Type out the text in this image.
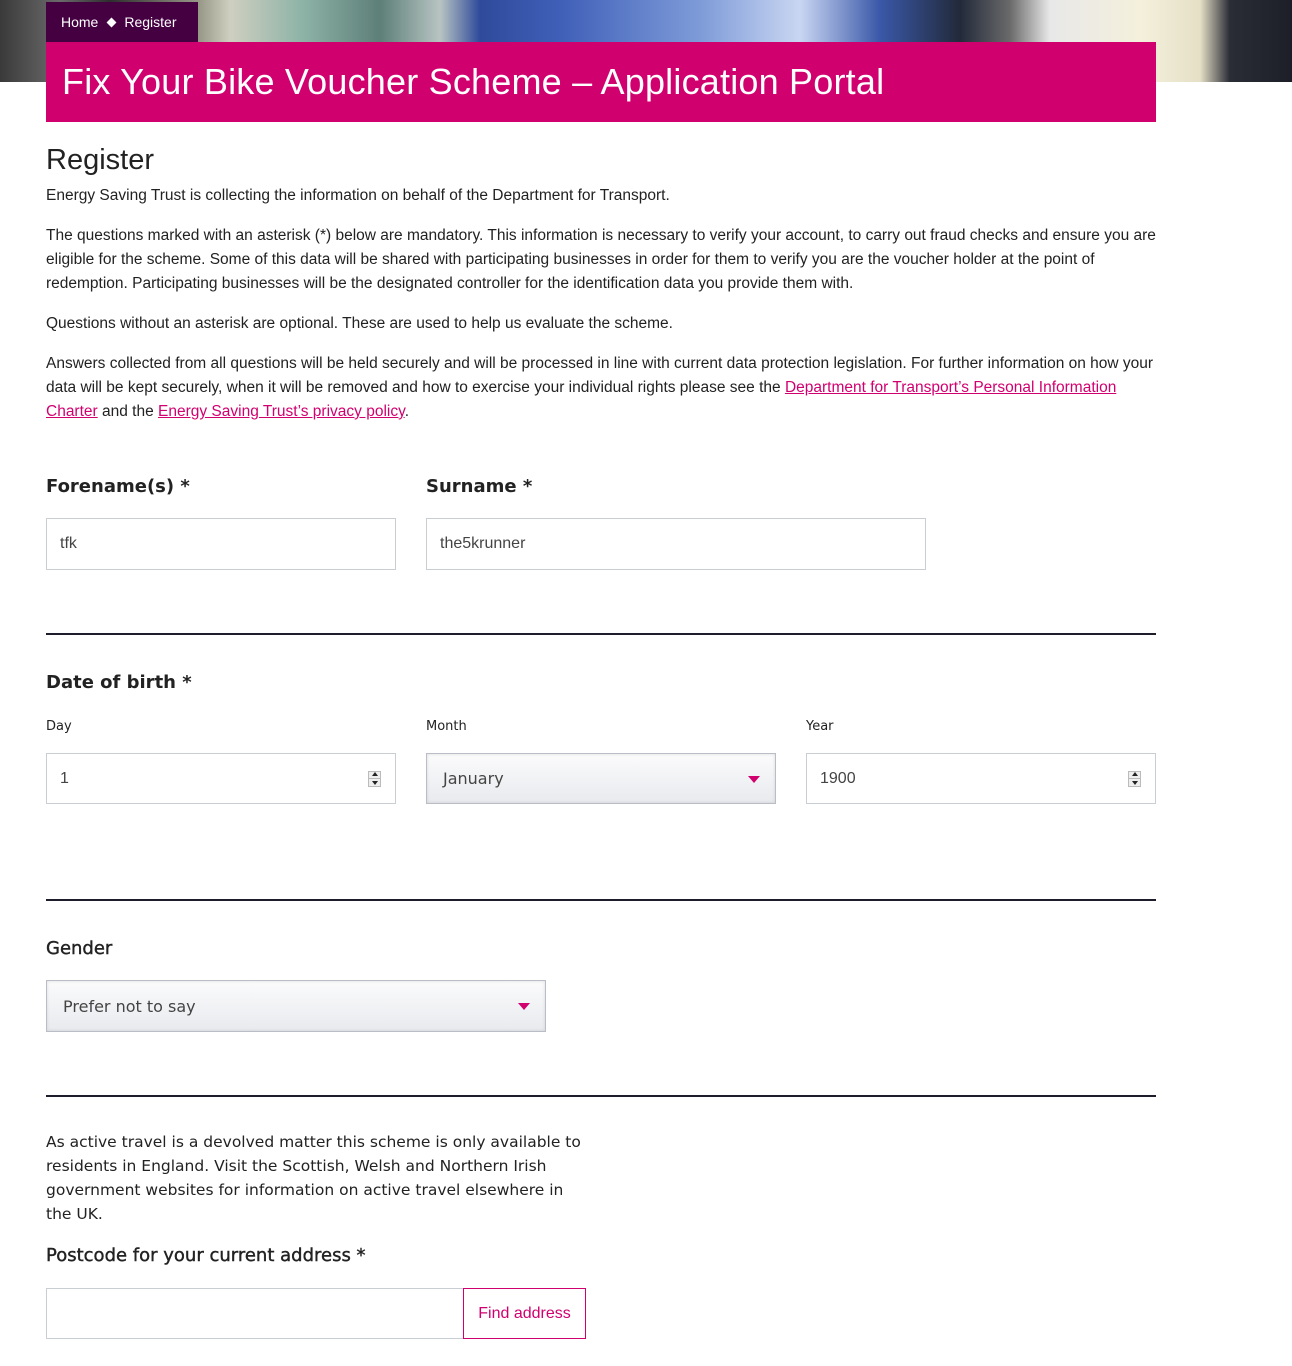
Home Register
Fix Your Bike Voucher Scheme – Application Portal
Register

Energy Saving Trust is collecting the information on behalf of the Department for Transport.

The questions marked with an asterisk (*) below are mandatory. This information is necessary to verify your account, to carry out fraud checks and ensure you are eligible for the scheme. Some of this data will be shared with participating businesses in order for them to verify you are the voucher holder at the point of redemption. Participating businesses will be the designated controller for the identification data you provide them with.

Questions without an asterisk are optional. These are used to help us evaluate the scheme.

Answers collected from all questions will be held securely and will be processed in line with current data protection legislation. For further information on how your data will be kept securely, when it will be removed and how to exercise your individual rights please see the Department for Transport’s Personal Information Charter and the Energy Saving Trust’s privacy policy.

Forename(s) *
tfk
Surname *
the5krunner
Date of birth *
Day
1
Month
January
Year
1900
Gender
Prefer not to say

As active travel is a devolved matter this scheme is only available to residents in England. Visit the Scottish, Welsh and Northern Irish government websites for information on active travel elsewhere in the UK.

Postcode for your current address *
Find address
